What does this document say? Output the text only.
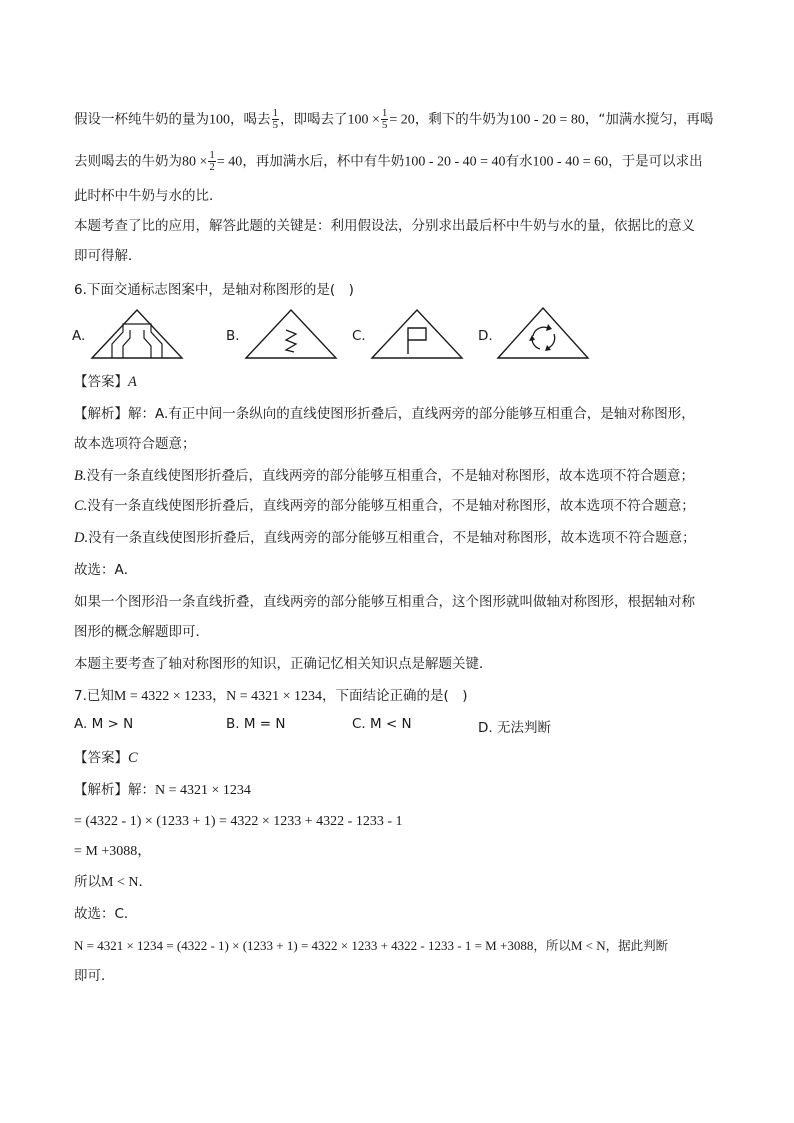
假设一杯纯牛奶的量为100，喝去 $\frac{1}{5}$ ，即喝去了$100 \times \frac{1}{5} = 20$，剩下的牛奶为100 - 20 = 80，“加满水搅匀，再喝
去则喝去的牛奶为$80 \times \frac{1}{2} = 40$，再加满水后，杯中有牛奶100 - 20 - 40 = 40有水100 - 40 = 60，于是可以求出
此时杯中牛奶与水的比．
本题考查了比的应用，解答此题的关键是：利用假设法，分别求出最后杯中牛奶与水的量，依据比的意义
即可得解．
6.下面交通标志图案中，是轴对称图形的是(　)
A.	B.	C.	D.
【答案】A
【解析】解：A.有正中间一条纵向的直线使图形折叠后，直线两旁的部分能够互相重合，是轴对称图形，
故本选项符合题意；
B.没有一条直线使图形折叠后，直线两旁的部分能够互相重合，不是轴对称图形，故本选项不符合题意；
C.没有一条直线使图形折叠后，直线两旁的部分能够互相重合，不是轴对称图形，故本选项不符合题意；
D.没有一条直线使图形折叠后，直线两旁的部分能够互相重合，不是轴对称图形，故本选项不符合题意；
故选：A．
如果一个图形沿一条直线折叠，直线两旁的部分能够互相重合，这个图形就叫做轴对称图形，根据轴对称
图形的概念解题即可．
本题主要考查了轴对称图形的知识，正确记忆相关知识点是解题关键．
7.已知M = 4322 × 1233，N = 4321 × 1234，下面结论正确的是(　)
A. M > N	B. M = N	C. M < N	D. 无法判断
【答案】C
【解析】解：N = 4321 × 1234
= (4322 - 1) × (1233 + 1) = 4322 × 1233 + 4322 - 1233 - 1
= M +3088，
所以M < N．
故选：C．
N = 4321 × 1234 = (4322 - 1) × (1233 + 1) = 4322 × 1233 + 4322 - 1233 - 1 = M +3088，所以M < N，据此判断
即可．
